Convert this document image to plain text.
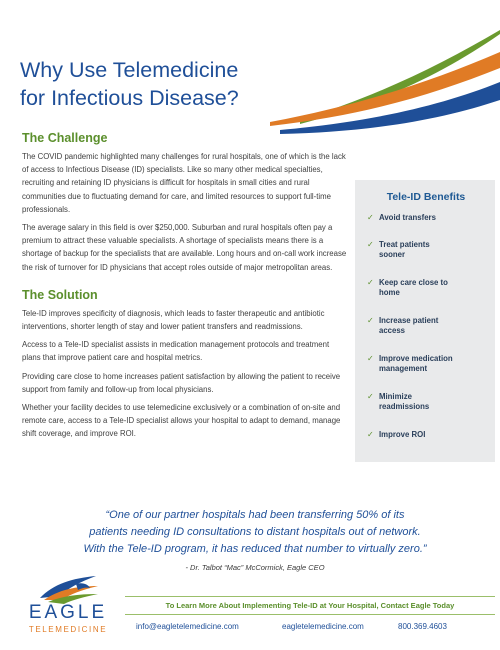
Why Use Telemedicine
for Infectious Disease?
The Challenge

The COVID pandemic highlighted many challenges for rural hospitals, one of which is the lack of access to Infectious Disease (ID) specialists. Like so many other medical specialties, recruiting and retaining ID physicians is difficult for hospitals in small cities and rural communities due to fluctuating demand for care, and limited resources to support full-time professionals.

The average salary in this field is over $250,000. Suburban and rural hospitals often pay a premium to attract these valuable specialists. A shortage of specialists means there is a shortage of backup for the specialists that are available. Long hours and on-call work increase the risk of turnover for ID physicians that accept roles outside of major metropolitan areas.

The Solution

Tele-ID improves specificity of diagnosis, which leads to faster therapeutic and antibiotic interventions, shorter length of stay and lower patient transfers and readmissions.

Access to a Tele-ID specialist assists in medication management protocols and treatment plans that improve patient care and hospital metrics.

Providing care close to home increases patient satisfaction by allowing the patient to receive support from family and follow-up from local physicians.

Whether your facility decides to use telemedicine exclusively or a combination of on-site and remote care, access to a Tele-ID specialist allows your hospital to adapt to demand, manage shift coverage, and improve ROI.

Tele-ID Benefits
✓ Avoid transfers
✓ Treat patients sooner
✓ Keep care close to home
✓ Increase patient access
✓ Improve medication management
✓ Minimize readmissions
✓ Improve ROI
“One of our partner hospitals had been transferring 50% of its
patients needing ID consultations to distant hospitals out of network.
With the Tele-ID program, it has reduced that number to virtually zero.”
- Dr. Talbot “Mac” McCormick, Eagle CEO
EAGLE
TELEMEDICINE
To Learn More About Implementing Tele-ID at Your Hospital, Contact Eagle Today
info@eagletelemedicine.com	eagletelemedicine.com	800.369.4603
